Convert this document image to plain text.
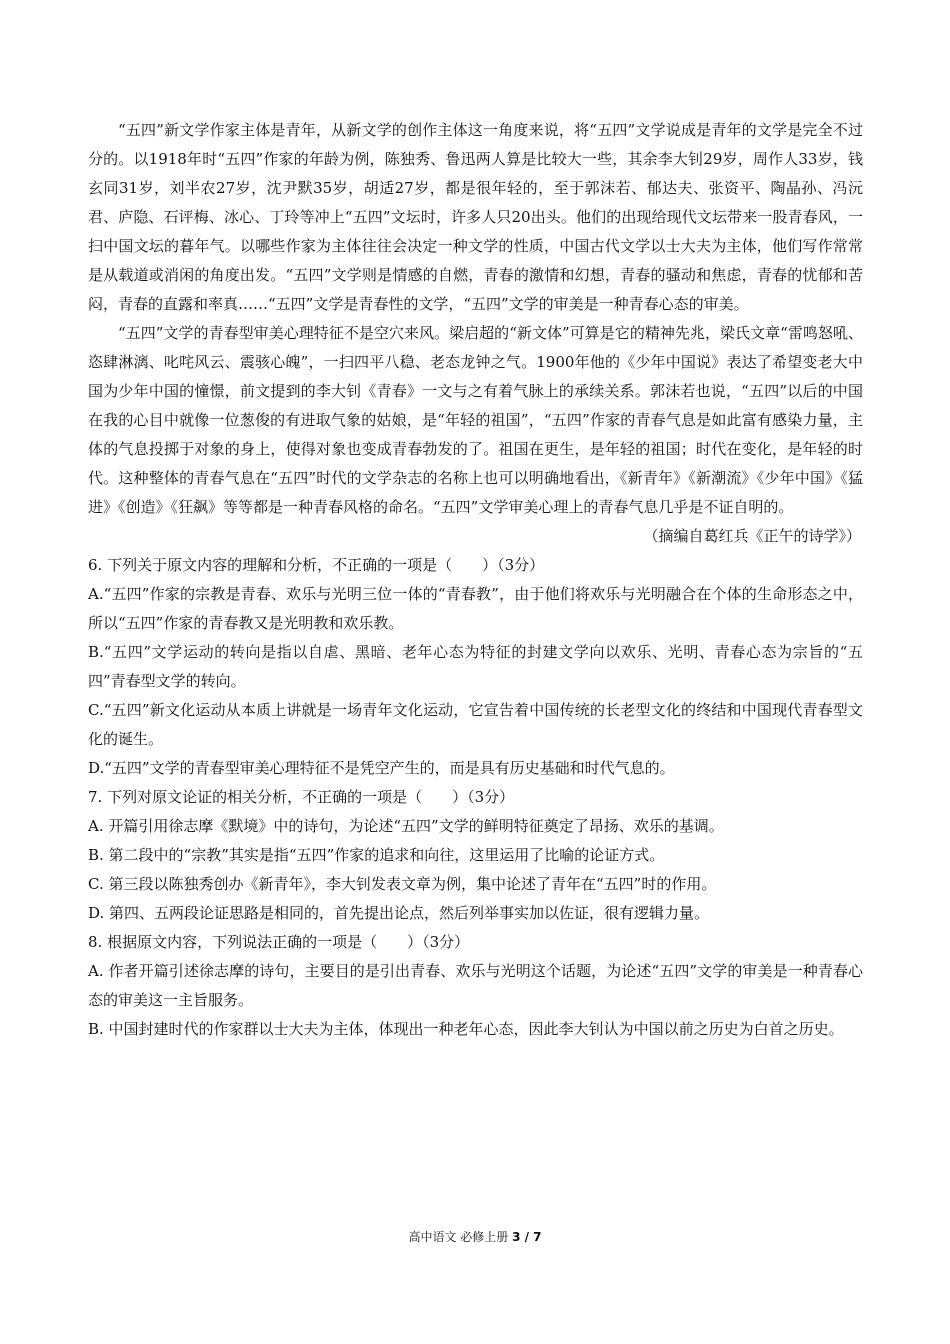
“五四”新文学作家主体是青年，从新文学的创作主体这一角度来说，将“五四”文学说成是青年的文学是完全不过分的。以1918年时“五四”作家的年龄为例，陈独秀、鲁迅两人算是比较大一些，其余李大钊29岁，周作人33岁，钱玄同31岁，刘半农27岁，沈尹默35岁，胡适27岁，都是很年轻的，至于郭沫若、郁达夫、张资平、陶晶孙、冯沅君、庐隐、石评梅、冰心、丁玲等冲上“五四”文坛时，许多人只20出头。他们的出现给现代文坛带来一股青春风，一扫中国文坛的暮年气。以哪些作家为主体往往会决定一种文学的性质，中国古代文学以士大夫为主体，他们写作常常是从载道或消闲的角度出发。“五四”文学则是情感的自燃，青春的激情和幻想，青春的骚动和焦虑，青春的忧郁和苦闷，青春的直露和率真……“五四”文学是青春性的文学，“五四”文学的审美是一种青春心态的审美。

“五四”文学的青春型审美心理特征不是空穴来风。梁启超的“新文体”可算是它的精神先兆，梁氏文章“雷鸣怒吼、恣肆淋漓、叱咤风云、震骇心魄”，一扫四平八稳、老态龙钟之气。1900年他的《少年中国说》表达了希望变老大中国为少年中国的憧憬，前文提到的李大钊《青春》一文与之有着气脉上的承续关系。郭沫若也说，“五四”以后的中国在我的心目中就像一位葱俊的有进取气象的姑娘，是“年轻的祖国”，“五四”作家的青春气息是如此富有感染力量，主体的气息投掷于对象的身上，使得对象也变成青春勃发的了。祖国在更生，是年轻的祖国；时代在变化，是年轻的时代。这种整体的青春气息在“五四”时代的文学杂志的名称上也可以明确地看出，《新青年》《新潮流》《少年中国》《猛进》《创造》《狂飙》等等都是一种青春风格的命名。“五四”文学审美心理上的青春气息几乎是不证自明的。

（摘编自葛红兵《正午的诗学》）

6. 下列关于原文内容的理解和分析，不正确的一项是（　　）（3分）

A.“五四”作家的宗教是青春、欢乐与光明三位一体的“青春教”，由于他们将欢乐与光明融合在个体的生命形态之中，所以“五四”作家的青春教又是光明教和欢乐教。

B.“五四”文学运动的转向是指以自虐、黑暗、老年心态为特征的封建文学向以欢乐、光明、青春心态为宗旨的“五四”青春型文学的转向。

C.“五四”新文化运动从本质上讲就是一场青年文化运动，它宣告着中国传统的长老型文化的终结和中国现代青春型文化的诞生。

D.“五四”文学的青春型审美心理特征不是凭空产生的，而是具有历史基础和时代气息的。

7. 下列对原文论证的相关分析，不正确的一项是（　　）（3分）

A. 开篇引用徐志摩《默境》中的诗句，为论述“五四”文学的鲜明特征奠定了昂扬、欢乐的基调。

B. 第二段中的“宗教”其实是指“五四”作家的追求和向往，这里运用了比喻的论证方式。

C. 第三段以陈独秀创办《新青年》，李大钊发表文章为例，集中论述了青年在“五四”时的作用。

D. 第四、五两段论证思路是相同的，首先提出论点，然后列举事实加以佐证，很有逻辑力量。

8. 根据原文内容，下列说法正确的一项是（　　）（3分）

A. 作者开篇引述徐志摩的诗句，主要目的是引出青春、欢乐与光明这个话题，为论述“五四”文学的审美是一种青春心态的审美这一主旨服务。

B. 中国封建时代的作家群以士大夫为主体，体现出一种老年心态，因此李大钊认为中国以前之历史为白首之历史。

高中语文 必修上册 3 / 7
